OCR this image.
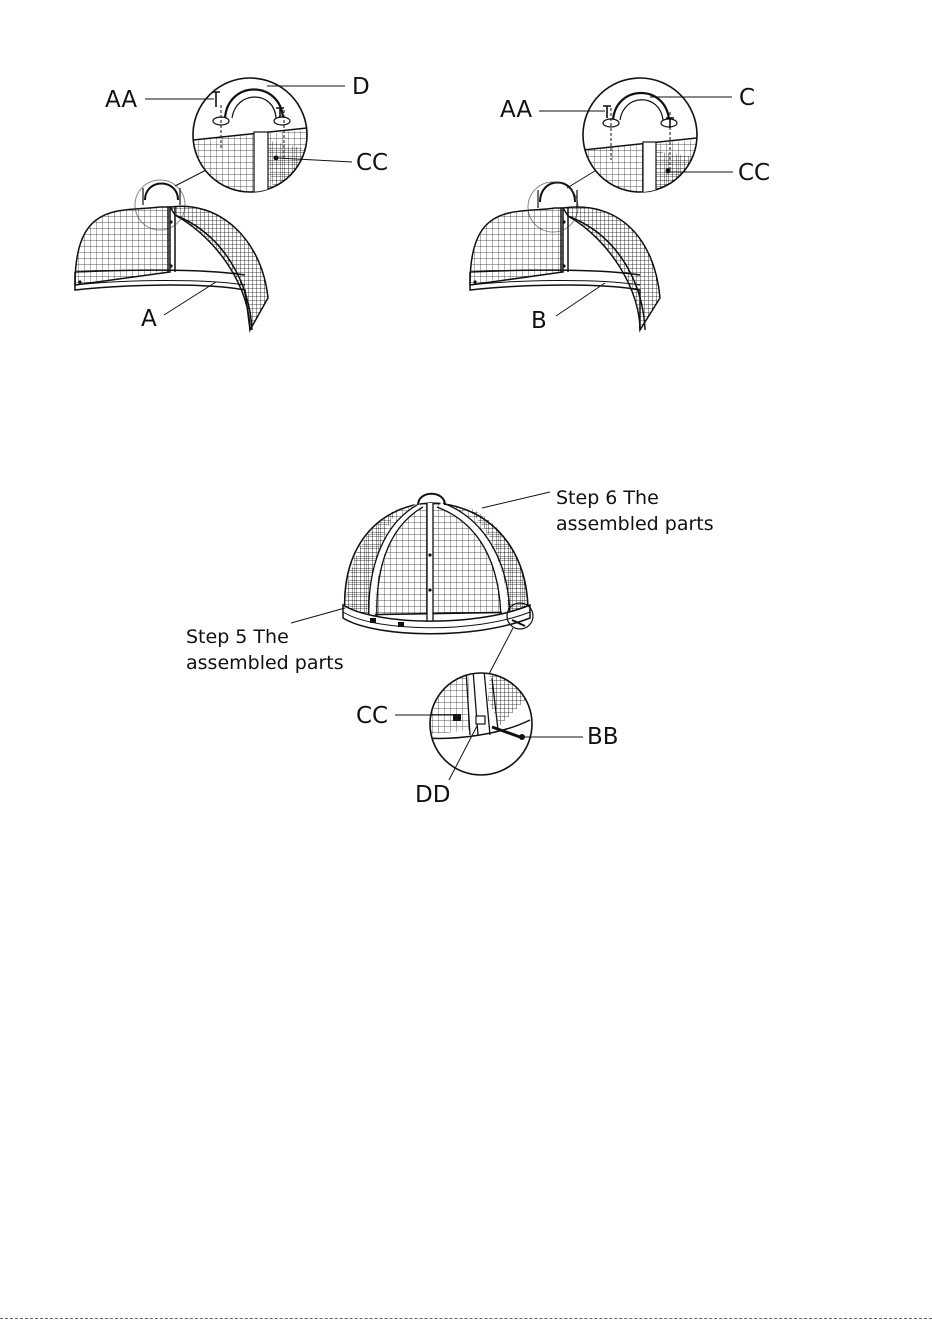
AA	D
CC
A
AA	C
CC
B
Step 6 The
assembled parts
Step 5 The
assembled parts
CC
BB
DD
